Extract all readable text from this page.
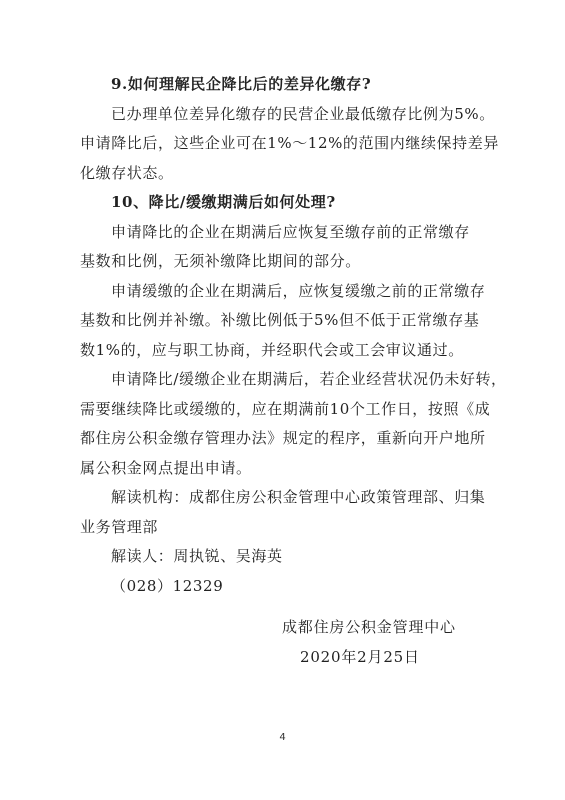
9.如何理解民企降比后的差异化缴存?
已办理单位差异化缴存的民营企业最低缴存比例为5%。
申请降比后，这些企业可在1%～12%的范围内继续保持差异
化缴存状态。
10、降比/缓缴期满后如何处理?
申请降比的企业在期满后应恢复至缴存前的正常缴存
基数和比例，无须补缴降比期间的部分。
申请缓缴的企业在期满后，应恢复缓缴之前的正常缴存
基数和比例并补缴。补缴比例低于5%但不低于正常缴存基
数1%的，应与职工协商，并经职代会或工会审议通过。
申请降比/缓缴企业在期满后，若企业经营状况仍未好转，
需要继续降比或缓缴的，应在期满前10个工作日，按照《成
都住房公积金缴存管理办法》规定的程序，重新向开户地所
属公积金网点提出申请。
解读机构：成都住房公积金管理中心政策管理部、归集
业务管理部
解读人：周执锐、吴海英
（028）12329
成都住房公积金管理中心
2020年2月25日
4
